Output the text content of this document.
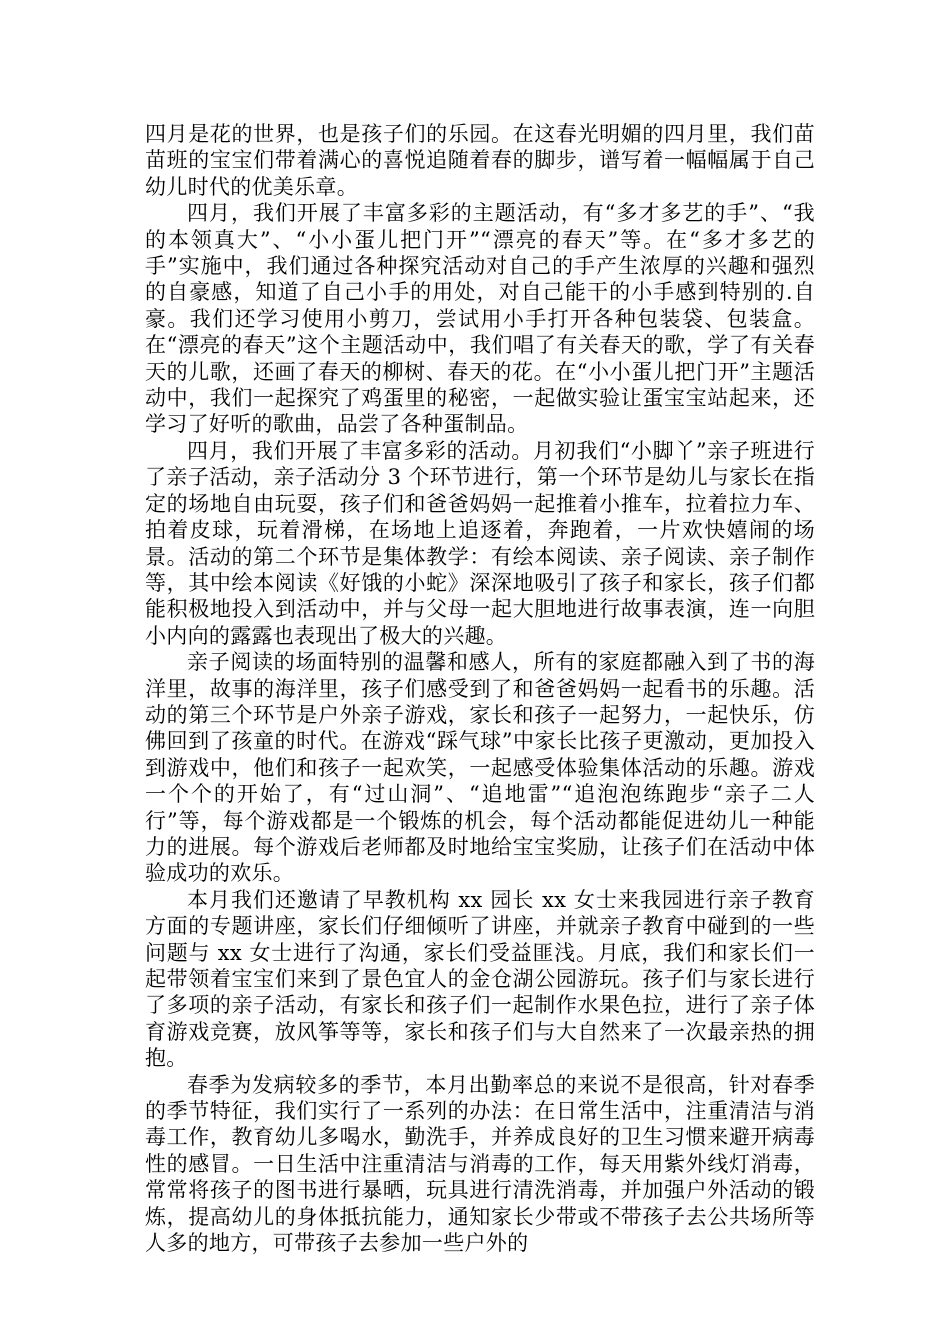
四月是花的世界，也是孩子们的乐园。在这春光明媚的四月里，我们苗苗班的宝宝们带着满心的喜悦追随着春的脚步，谱写着一幅幅属于自己幼儿时代的优美乐章。

四月，我们开展了丰富多彩的主题活动，有“多才多艺的手”、“我的本领真大”、“小小蛋儿把门开”“漂亮的春天”等。在“多才多艺的手”实施中，我们通过各种探究活动对自己的手产生浓厚的兴趣和强烈的自豪感，知道了自己小手的用处，对自己能干的小手感到特别的.自豪。我们还学习使用小剪刀，尝试用小手打开各种包装袋、包装盒。在“漂亮的春天”这个主题活动中，我们唱了有关春天的歌，学了有关春天的儿歌，还画了春天的柳树、春天的花。在“小小蛋儿把门开”主题活动中，我们一起探究了鸡蛋里的秘密，一起做实验让蛋宝宝站起来，还学习了好听的歌曲，品尝了各种蛋制品。

四月，我们开展了丰富多彩的活动。月初我们“小脚丫”亲子班进行了亲子活动，亲子活动分 3 个环节进行，第一个环节是幼儿与家长在指定的场地自由玩耍，孩子们和爸爸妈妈一起推着小推车，拉着拉力车、拍着皮球，玩着滑梯，在场地上追逐着，奔跑着，一片欢快嬉闹的场景。活动的第二个环节是集体教学：有绘本阅读、亲子阅读、亲子制作等，其中绘本阅读《好饿的小蛇》深深地吸引了孩子和家长，孩子们都能积极地投入到活动中，并与父母一起大胆地进行故事表演，连一向胆小内向的露露也表现出了极大的兴趣。

亲子阅读的场面特别的温馨和感人，所有的家庭都融入到了书的海洋里，故事的海洋里，孩子们感受到了和爸爸妈妈一起看书的乐趣。活动的第三个环节是户外亲子游戏，家长和孩子一起努力，一起快乐，仿佛回到了孩童的时代。在游戏“踩气球”中家长比孩子更激动，更加投入到游戏中，他们和孩子一起欢笑，一起感受体验集体活动的乐趣。游戏一个个的开始了，有“过山洞”、“追地雷”“追泡泡练跑步“亲子二人行”等，每个游戏都是一个锻炼的机会，每个活动都能促进幼儿一种能力的进展。每个游戏后老师都及时地给宝宝奖励，让孩子们在活动中体验成功的欢乐。

本月我们还邀请了早教机构 xx 园长 xx 女士来我园进行亲子教育方面的专题讲座，家长们仔细倾听了讲座，并就亲子教育中碰到的一些问题与 xx 女士进行了沟通，家长们受益匪浅。月底，我们和家长们一起带领着宝宝们来到了景色宜人的金仓湖公园游玩。孩子们与家长进行了多项的亲子活动，有家长和孩子们一起制作水果色拉，进行了亲子体育游戏竞赛，放风筝等等，家长和孩子们与大自然来了一次最亲热的拥抱。

春季为发病较多的季节，本月出勤率总的来说不是很高，针对春季的季节特征，我们实行了一系列的办法：在日常生活中，注重清洁与消毒工作，教育幼儿多喝水，勤洗手，并养成良好的卫生习惯来避开病毒性的感冒。一日生活中注重清洁与消毒的工作，每天用紫外线灯消毒，常常将孩子的图书进行暴晒，玩具进行清洗消毒，并加强户外活动的锻炼，提高幼儿的身体抵抗能力，通知家长少带或不带孩子去公共场所等人多的地方，可带孩子去参加一些户外的
